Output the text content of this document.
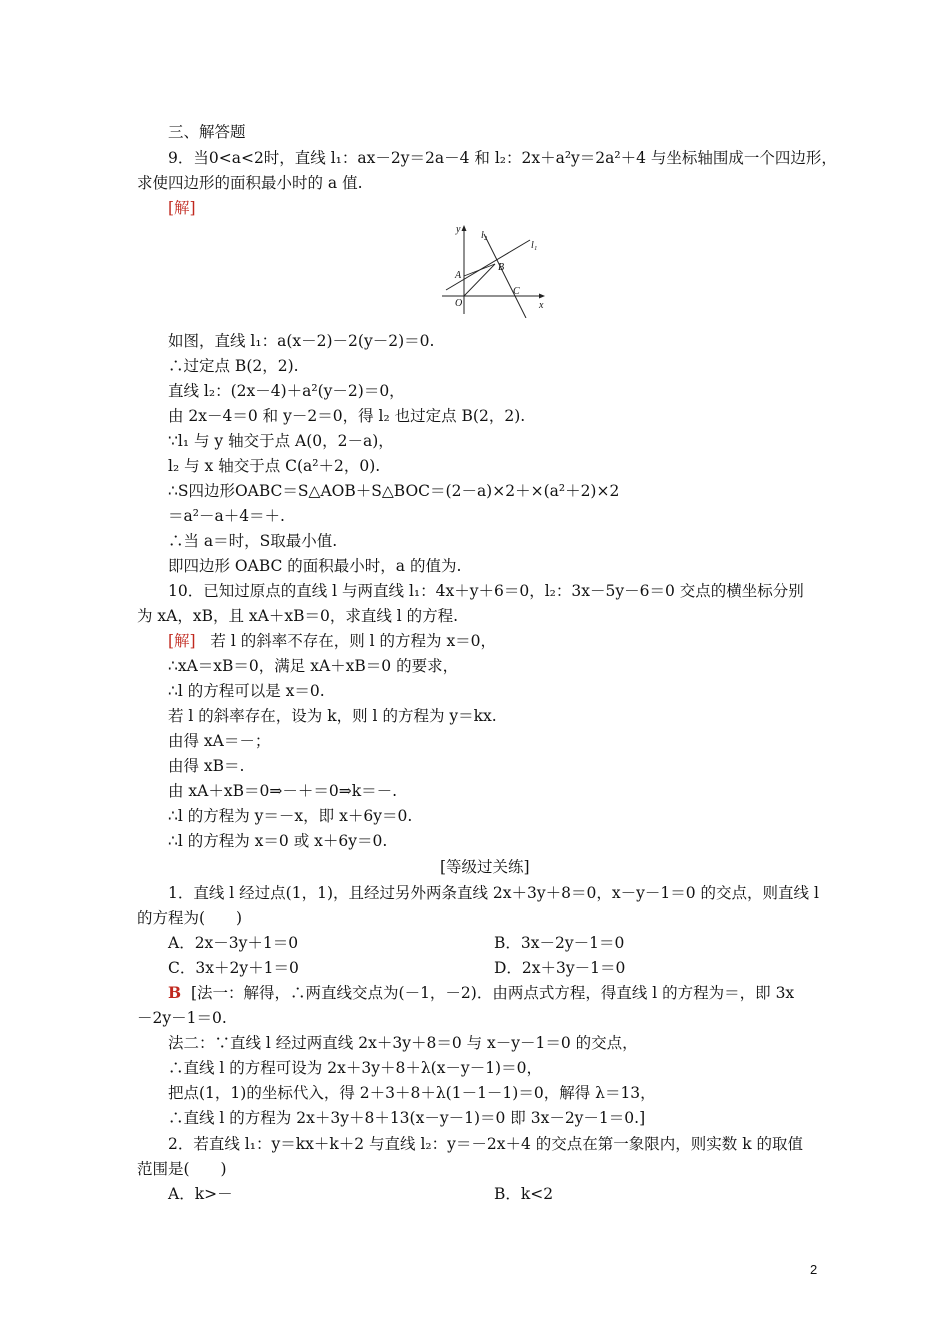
三、解答题
9．当0<a<2时，直线 l₁：ax－2y＝2a－4 和 l₂：2x＋a²y＝2a²＋4 与坐标轴围成一个四边形，
求使四边形的面积最小时的 a 值.
[解]
y
x
l₁
l₂
A
B
C
O
如图，直线 l₁：a(x－2)－2(y－2)＝0.
∴过定点 B(2，2).
直线 l₂：(2x－4)＋a²(y－2)＝0，
由 2x－4＝0 和 y－2＝0，得 l₂ 也过定点 B(2，2).
∵l₁ 与 y 轴交于点 A(0，2－a)，
l₂ 与 x 轴交于点 C(a²＋2，0).
∴S四边形OABC＝S△AOB＋S△BOC＝(2－a)×2＋×(a²＋2)×2
＝a²－a＋4＝＋.
∴当 a＝时，S取最小值.
即四边形 OABC 的面积最小时，a 的值为.
10．已知过原点的直线 l 与两直线 l₁：4x＋y＋6＝0，l₂：3x－5y－6＝0 交点的横坐标分别
为 xA，xB，且 xA＋xB＝0，求直线 l 的方程.
[解] 若 l 的斜率不存在，则 l 的方程为 x＝0，
∴xA＝xB＝0，满足 xA＋xB＝0 的要求，
∴l 的方程可以是 x＝0.
若 l 的斜率存在，设为 k，则 l 的方程为 y＝kx.
由得 xA＝－；
由得 xB＝.
由 xA＋xB＝0⇒－＋＝0⇒k＝－.
∴l 的方程为 y＝－x，即 x＋6y＝0.
∴l 的方程为 x＝0 或 x＋6y＝0.
[等级过关练]
1．直线 l 经过点(1，1)，且经过另外两条直线 2x＋3y＋8＝0，x－y－1＝0 的交点，则直线 l
的方程为(　　)
A．2x－3y＋1＝0	B．3x－2y－1＝0
C．3x＋2y＋1＝0	D．2x＋3y－1＝0
B [法一：解得，∴两直线交点为(－1，－2)．由两点式方程，得直线 l 的方程为＝，即 3x
－2y－1＝0.
法二：∵直线 l 经过两直线 2x＋3y＋8＝0 与 x－y－1＝0 的交点，
∴直线 l 的方程可设为 2x＋3y＋8＋λ(x－y－1)＝0，
把点(1，1)的坐标代入，得 2＋3＋8＋λ(1－1－1)＝0，解得 λ＝13，
∴直线 l 的方程为 2x＋3y＋8＋13(x－y－1)＝0 即 3x－2y－1＝0.]
2．若直线 l₁：y＝kx＋k＋2 与直线 l₂：y＝－2x＋4 的交点在第一象限内，则实数 k 的取值
范围是(　　)
A．k>－	B．k<2
2
